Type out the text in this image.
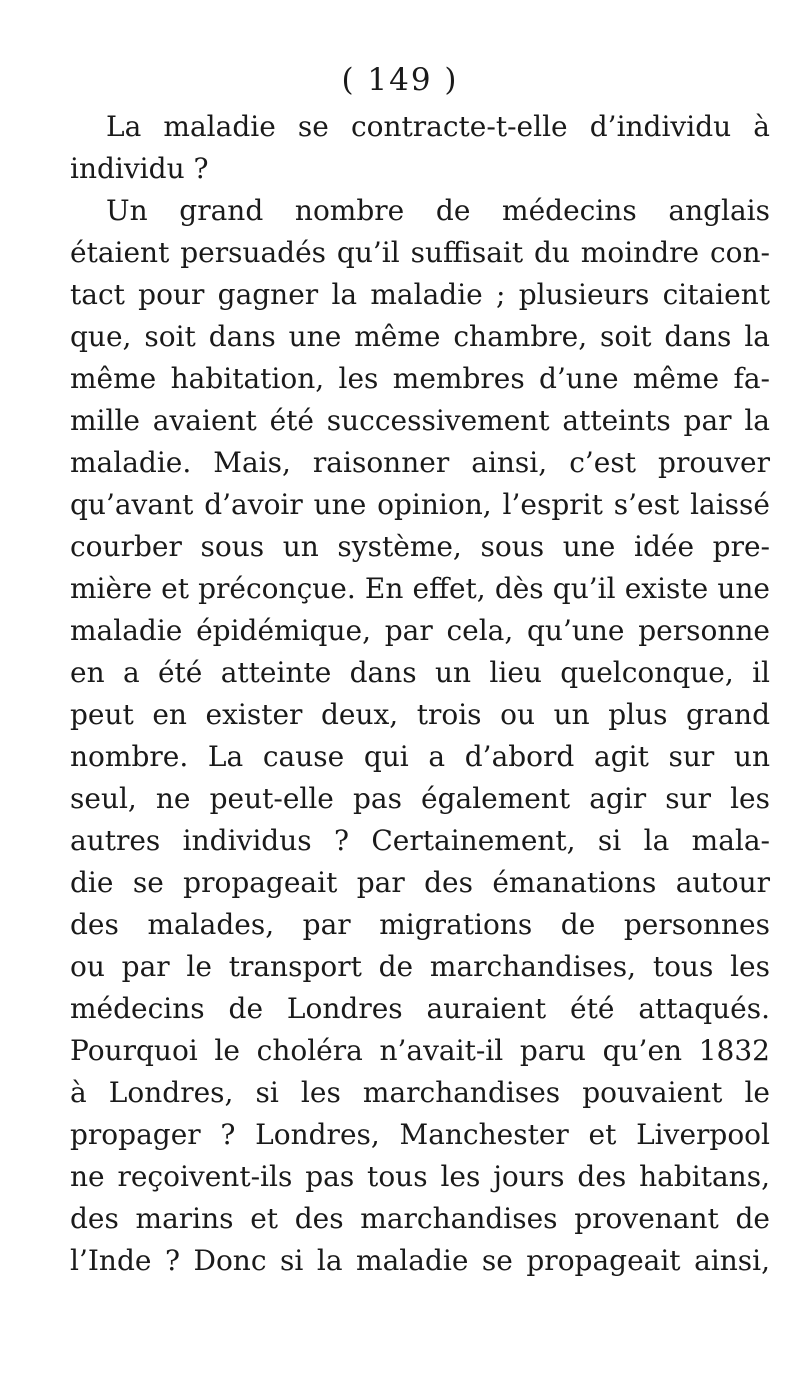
( 149 )
La maladie se contracte-t-elle d’individu à
individu ?
Un grand nombre de médecins anglais
étaient persuadés qu’il suffisait du moindre con-
tact pour gagner la maladie ; plusieurs citaient
que, soit dans une même chambre, soit dans la
même habitation, les membres d’une même fa-
mille avaient été successivement atteints par la
maladie. Mais, raisonner ainsi, c’est prouver
qu’avant d’avoir une opinion, l’esprit s’est laissé
courber sous un système, sous une idée pre-
mière et préconçue. En effet, dès qu’il existe une
maladie épidémique, par cela, qu’une personne
en a été atteinte dans un lieu quelconque, il
peut en exister deux, trois ou un plus grand
nombre. La cause qui a d’abord agit sur un
seul, ne peut-elle pas également agir sur les
autres individus ? Certainement, si la mala-
die se propageait par des émanations autour
des malades, par migrations de personnes
ou par le transport de marchandises, tous les
médecins de Londres auraient été attaqués.
Pourquoi le choléra n’avait-il paru qu’en 1832
à Londres, si les marchandises pouvaient le
propager ? Londres, Manchester et Liverpool
ne reçoivent-ils pas tous les jours des habitans,
des marins et des marchandises provenant de
l’Inde ? Donc si la maladie se propageait ainsi,
